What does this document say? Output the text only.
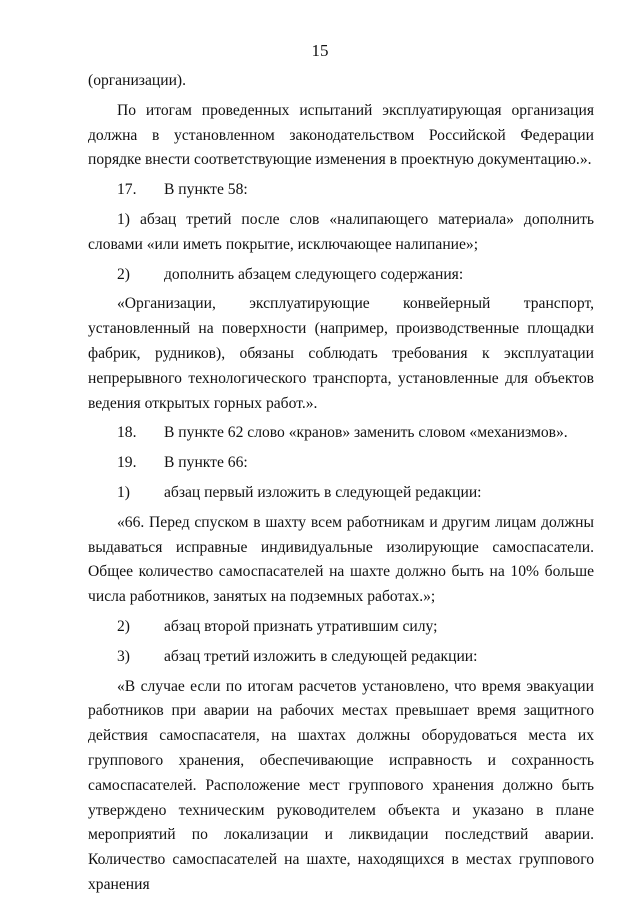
15

(организации).

По итогам проведенных испытаний эксплуатирующая организация должна в установленном законодательством Российской Федерации порядке внести соответствующие изменения в проектную документацию.».

17.	В пункте 58:

1) абзац третий после слов «налипающего материала» дополнить словами «или иметь покрытие, исключающее налипание»;

2)	дополнить абзацем следующего содержания:

«Организации, эксплуатирующие конвейерный транспорт, установленный на поверхности (например, производственные площадки фабрик, рудников), обязаны соблюдать требования к эксплуатации непрерывного технологического транспорта, установленные для объектов ведения открытых горных работ.».

18.	В пункте 62 слово «кранов» заменить словом «механизмов».
19.	В пункте 66:
1)	абзац первый изложить в следующей редакции:

«66. Перед спуском в шахту всем работникам и другим лицам должны выдаваться исправные индивидуальные изолирующие самоспасатели. Общее количество самоспасателей на шахте должно быть на 10% больше числа работников, занятых на подземных работах.»;

2)	абзац второй признать утратившим силу;
3)	абзац третий изложить в следующей редакции:

«В случае если по итогам расчетов установлено, что время эвакуации работников при аварии на рабочих местах превышает время защитного действия самоспасателя, на шахтах должны оборудоваться места их группового хранения, обеспечивающие исправность и сохранность самоспасателей. Расположение мест группового хранения должно быть утверждено техническим руководителем объекта и указано в плане мероприятий по локализации и ликвидации последствий аварии. Количество самоспасателей на шахте, находящихся в местах группового хранения
